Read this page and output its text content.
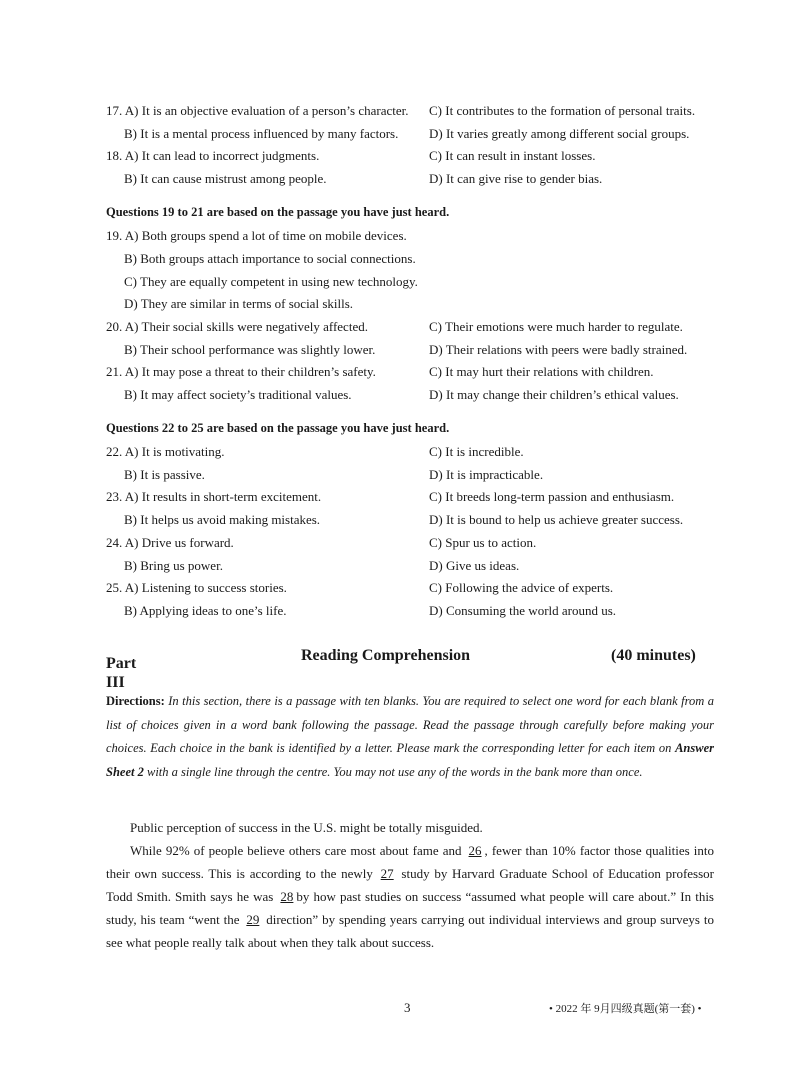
17. A) It is an objective evaluation of a person’s character. C) It contributes to the formation of personal traits.
B) It is a mental process influenced by many factors. D) It varies greatly among different social groups.
18. A) It can lead to incorrect judgments.	C) It can result in instant losses.
B) It can cause mistrust among people.	D) It can give rise to gender bias.
Questions 19 to 21 are based on the passage you have just heard.
19. A) Both groups spend a lot of time on mobile devices.
B) Both groups attach importance to social connections.
C) They are equally competent in using new technology.
D) They are similar in terms of social skills.
20. A) Their social skills were negatively affected.	C) Their emotions were much harder to regulate.
B) Their school performance was slightly lower.	D) Their relations with peers were badly strained.
21. A) It may pose a threat to their children’s safety.	C) It may hurt their relations with children.
B) It may affect society’s traditional values.	D) It may change their children’s ethical values.
Questions 22 to 25 are based on the passage you have just heard.
22. A) It is motivating.	C) It is incredible.
B) It is passive.	D) It is impracticable.
23. A) It results in short-term excitement.	C) It breeds long-term passion and enthusiasm.
B) It helps us avoid making mistakes.	D) It is bound to help us achieve greater success.
24. A) Drive us forward.	C) Spur us to action.
B) Bring us power.	D) Give us ideas.
25. A) Listening to success stories.	C) Following the advice of experts.
B) Applying ideas to one’s life.	D) Consuming the world around us.
Part
III
Reading Comprehension	(40 minutes)
Directions: In this section, there is a passage with ten blanks. You are required to select one word for each blank from a list of choices given in a word bank following the passage. Read the passage through carefully before making your choices. Each choice in the bank is identified by a letter. Please mark the corresponding letter for each item on Answer Sheet 2 with a single line through the centre. You may not use any of the words in the bank more than once.

Public perception of success in the U.S. might be totally misguided.

While 92% of people believe others care most about fame and 26 , fewer than 10% factor those qualities into their own success. This is according to the newly 27 study by Harvard Graduate School of Education professor Todd Smith. Smith says he was 28 by how past studies on success “assumed what people will care about.” In this study, his team “went the 29 direction” by spending years carrying out individual interviews and group surveys to see what people really talk about when they talk about success.

3	• 2022 年 9月四级真题(第一套) •
